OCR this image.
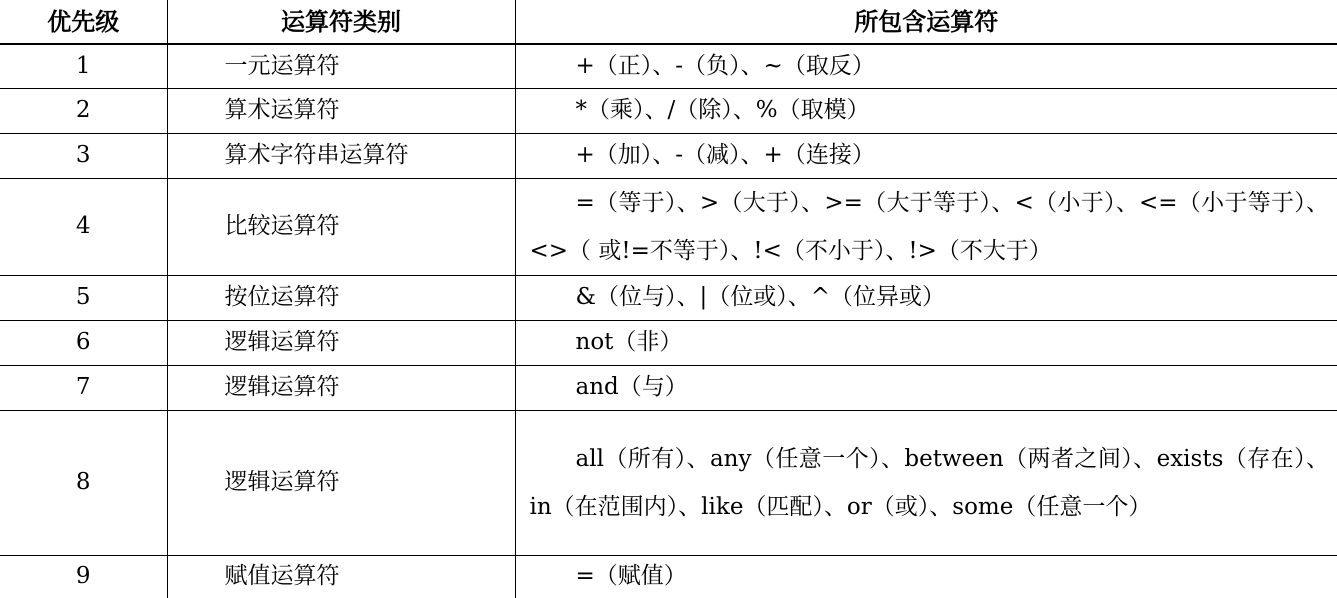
优先级	运算符类别	所包含运算符
1	一元运算符	+（正）、-（负）、~（取反）
2	算术运算符	*（乘）、/（除）、%（取模）
3	算术字符串运算符	+（加）、-（减）、+（连接）
4	比较运算符	=（等于）、>（大于）、>=（大于等于）、<（小于）、<=（小于等于）、<>（ 或!=不等于）、!<（不小于）、!>（不大于）
5	按位运算符	&（位与）、|（位或）、^（位异或）
6	逻辑运算符	not（非）
7	逻辑运算符	and（与）
8	逻辑运算符	all（所有）、any（任意一个）、between（两者之间）、exists（存在）、in（在范围内）、like（匹配）、or（或）、some（任意一个）
9	赋值运算符	=（赋值）
